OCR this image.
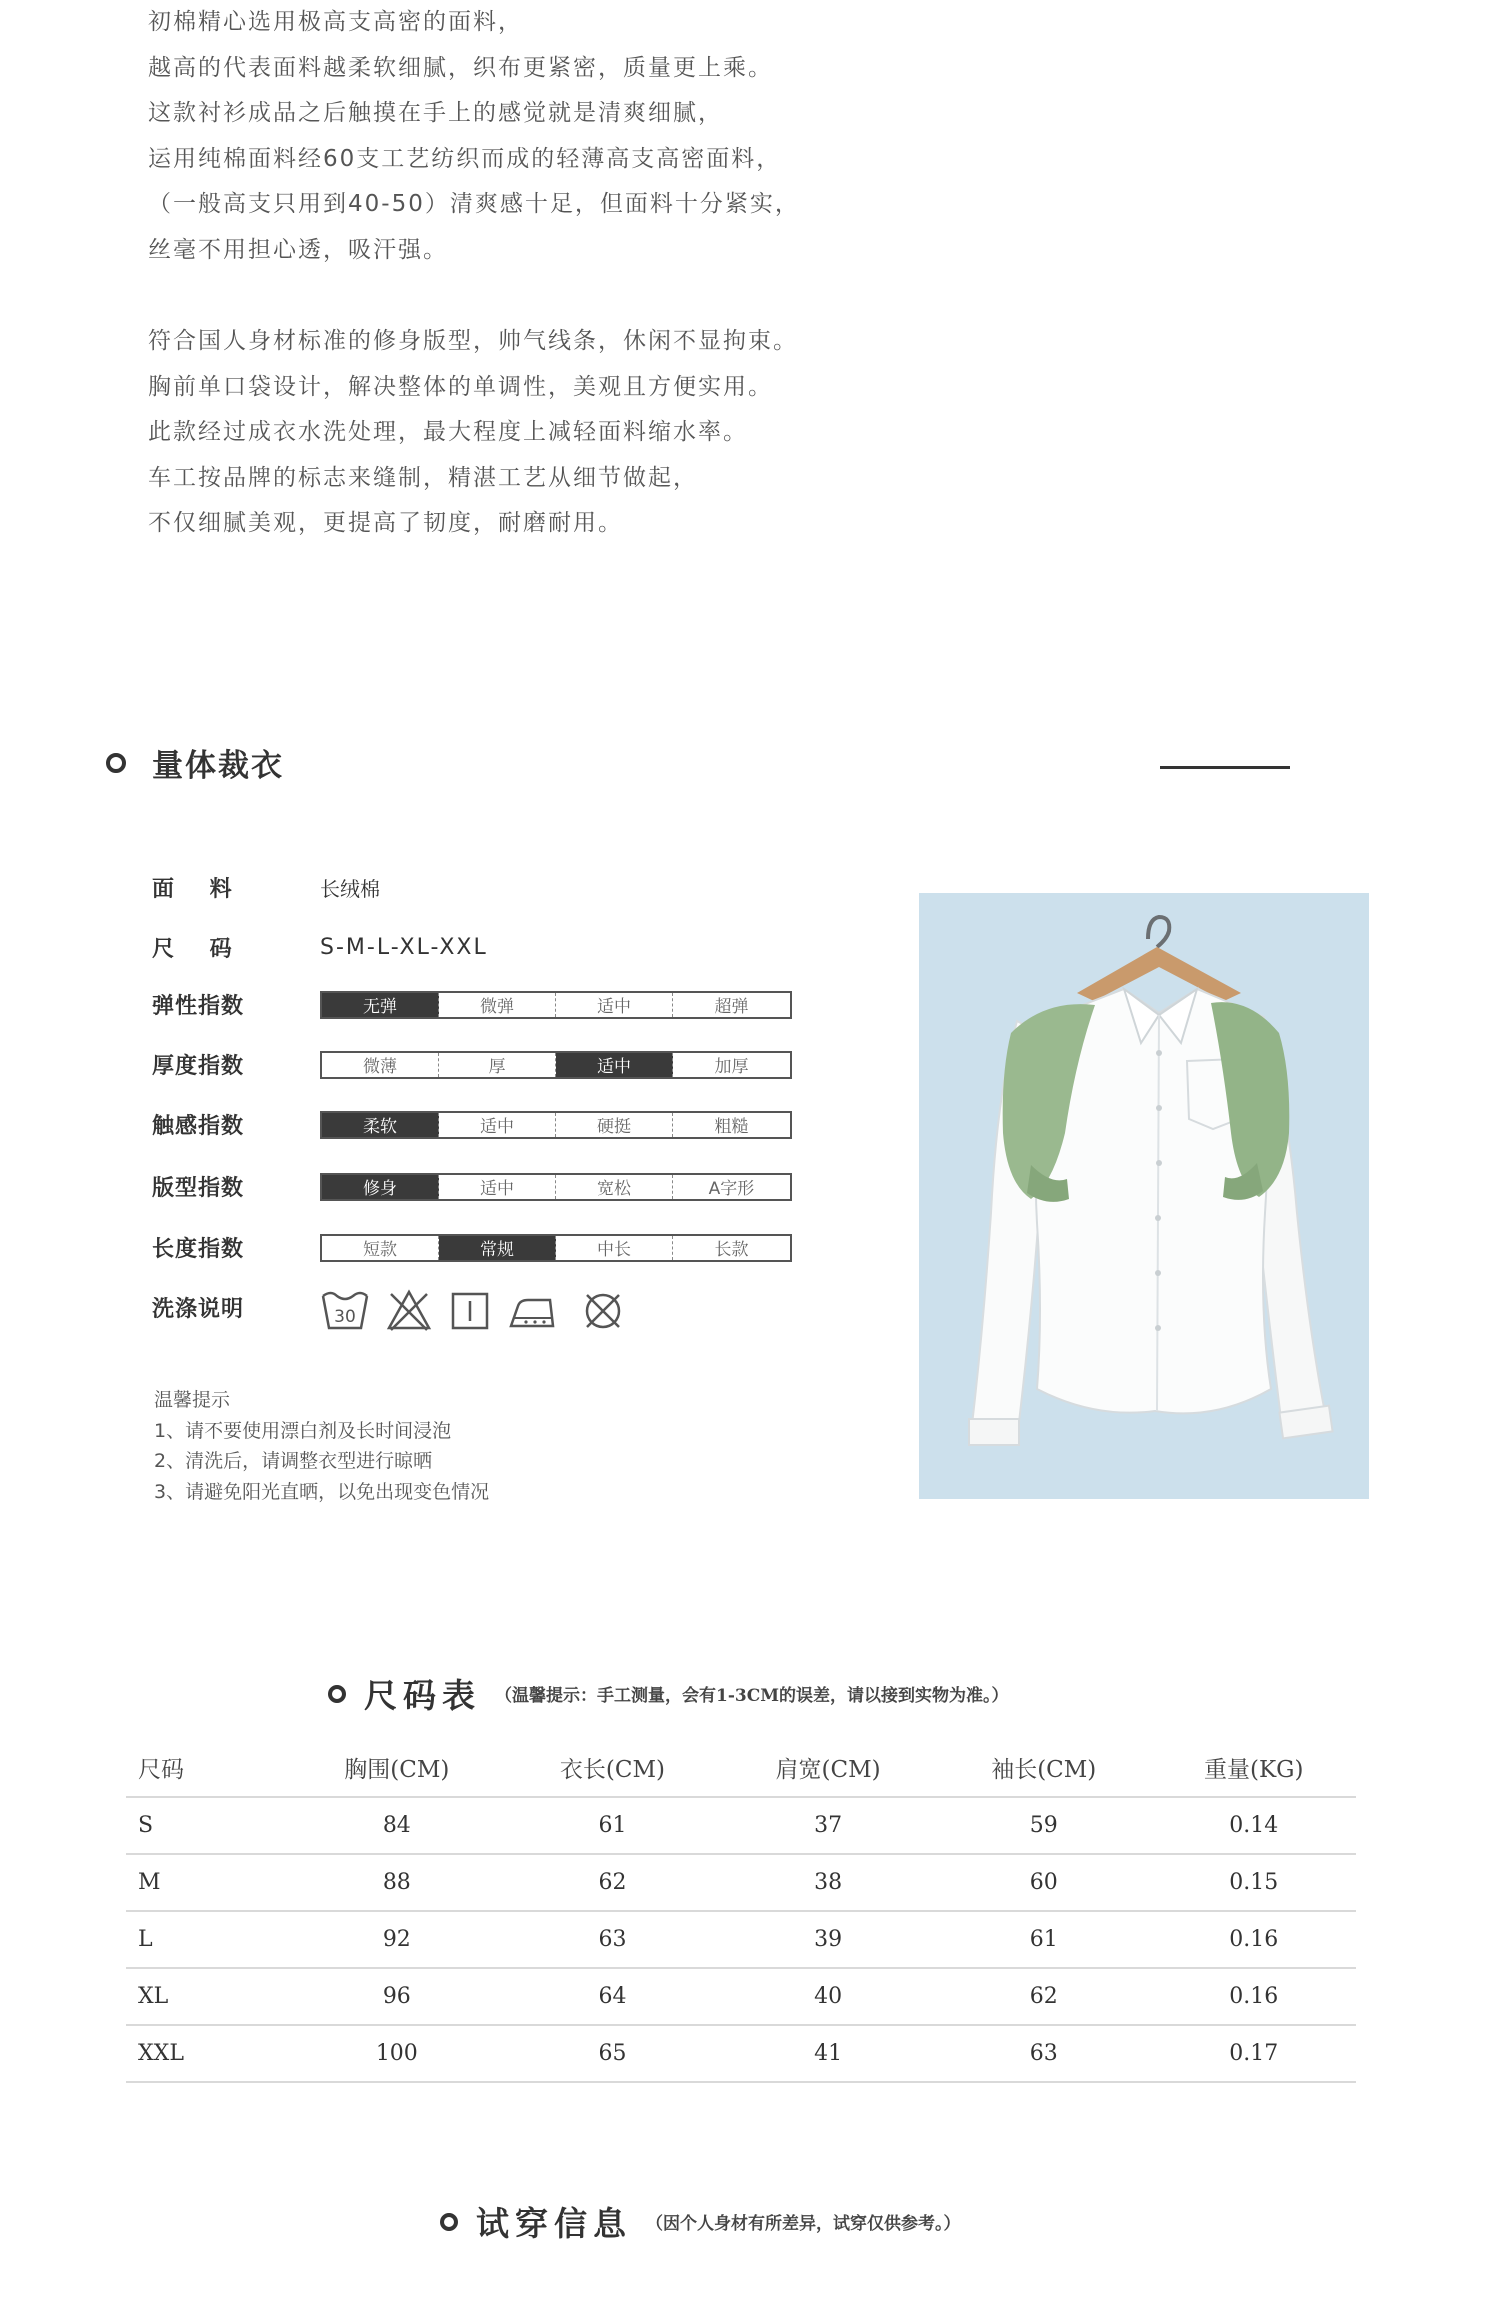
初棉精心选用极高支高密的面料，

越高的代表面料越柔软细腻，织布更紧密，质量更上乘。

这款衬衫成品之后触摸在手上的感觉就是清爽细腻，

运用纯棉面料经60支工艺纺织而成的轻薄高支高密面料，

（一般高支只用到40-50）清爽感十足，但面料十分紧实，

丝毫不用担心透，吸汗强。

符合国人身材标准的修身版型，帅气线条，休闲不显拘束。

胸前单口袋设计，解决整体的单调性，美观且方便实用。

此款经过成衣水洗处理，最大程度上减轻面料缩水率。

车工按品牌的标志来缝制，精湛工艺从细节做起，

不仅细腻美观，更提高了韧度，耐磨耐用。

量体裁衣
面    料	长绒棉
尺    码	S-M-L-XL-XXL
弹性指数	无弹	微弹	适中	超弹
厚度指数	微薄	厚	适中	加厚
触感指数	柔软	适中	硬挺	粗糙
版型指数	修身	适中	宽松	A字形
长度指数	短款	常规	中长	长款
洗涤说明	30
温馨提示
1、请不要使用漂白剂及长时间浸泡
2、清洗后，请调整衣型进行晾晒
3、请避免阳光直晒，以免出现变色情况
尺码表 （温馨提示：手工测量，会有1-3CM的误差，请以接到实物为准。）
尺码	胸围(CM)	衣长(CM)	肩宽(CM)	袖长(CM)	重量(KG)
S	84	61	37	59	0.14
M	88	62	38	60	0.15
L	92	63	39	61	0.16
XL	96	64	40	62	0.16
XXL	100	65	41	63	0.17
试穿信息 （因个人身材有所差异，试穿仅供参考。）
